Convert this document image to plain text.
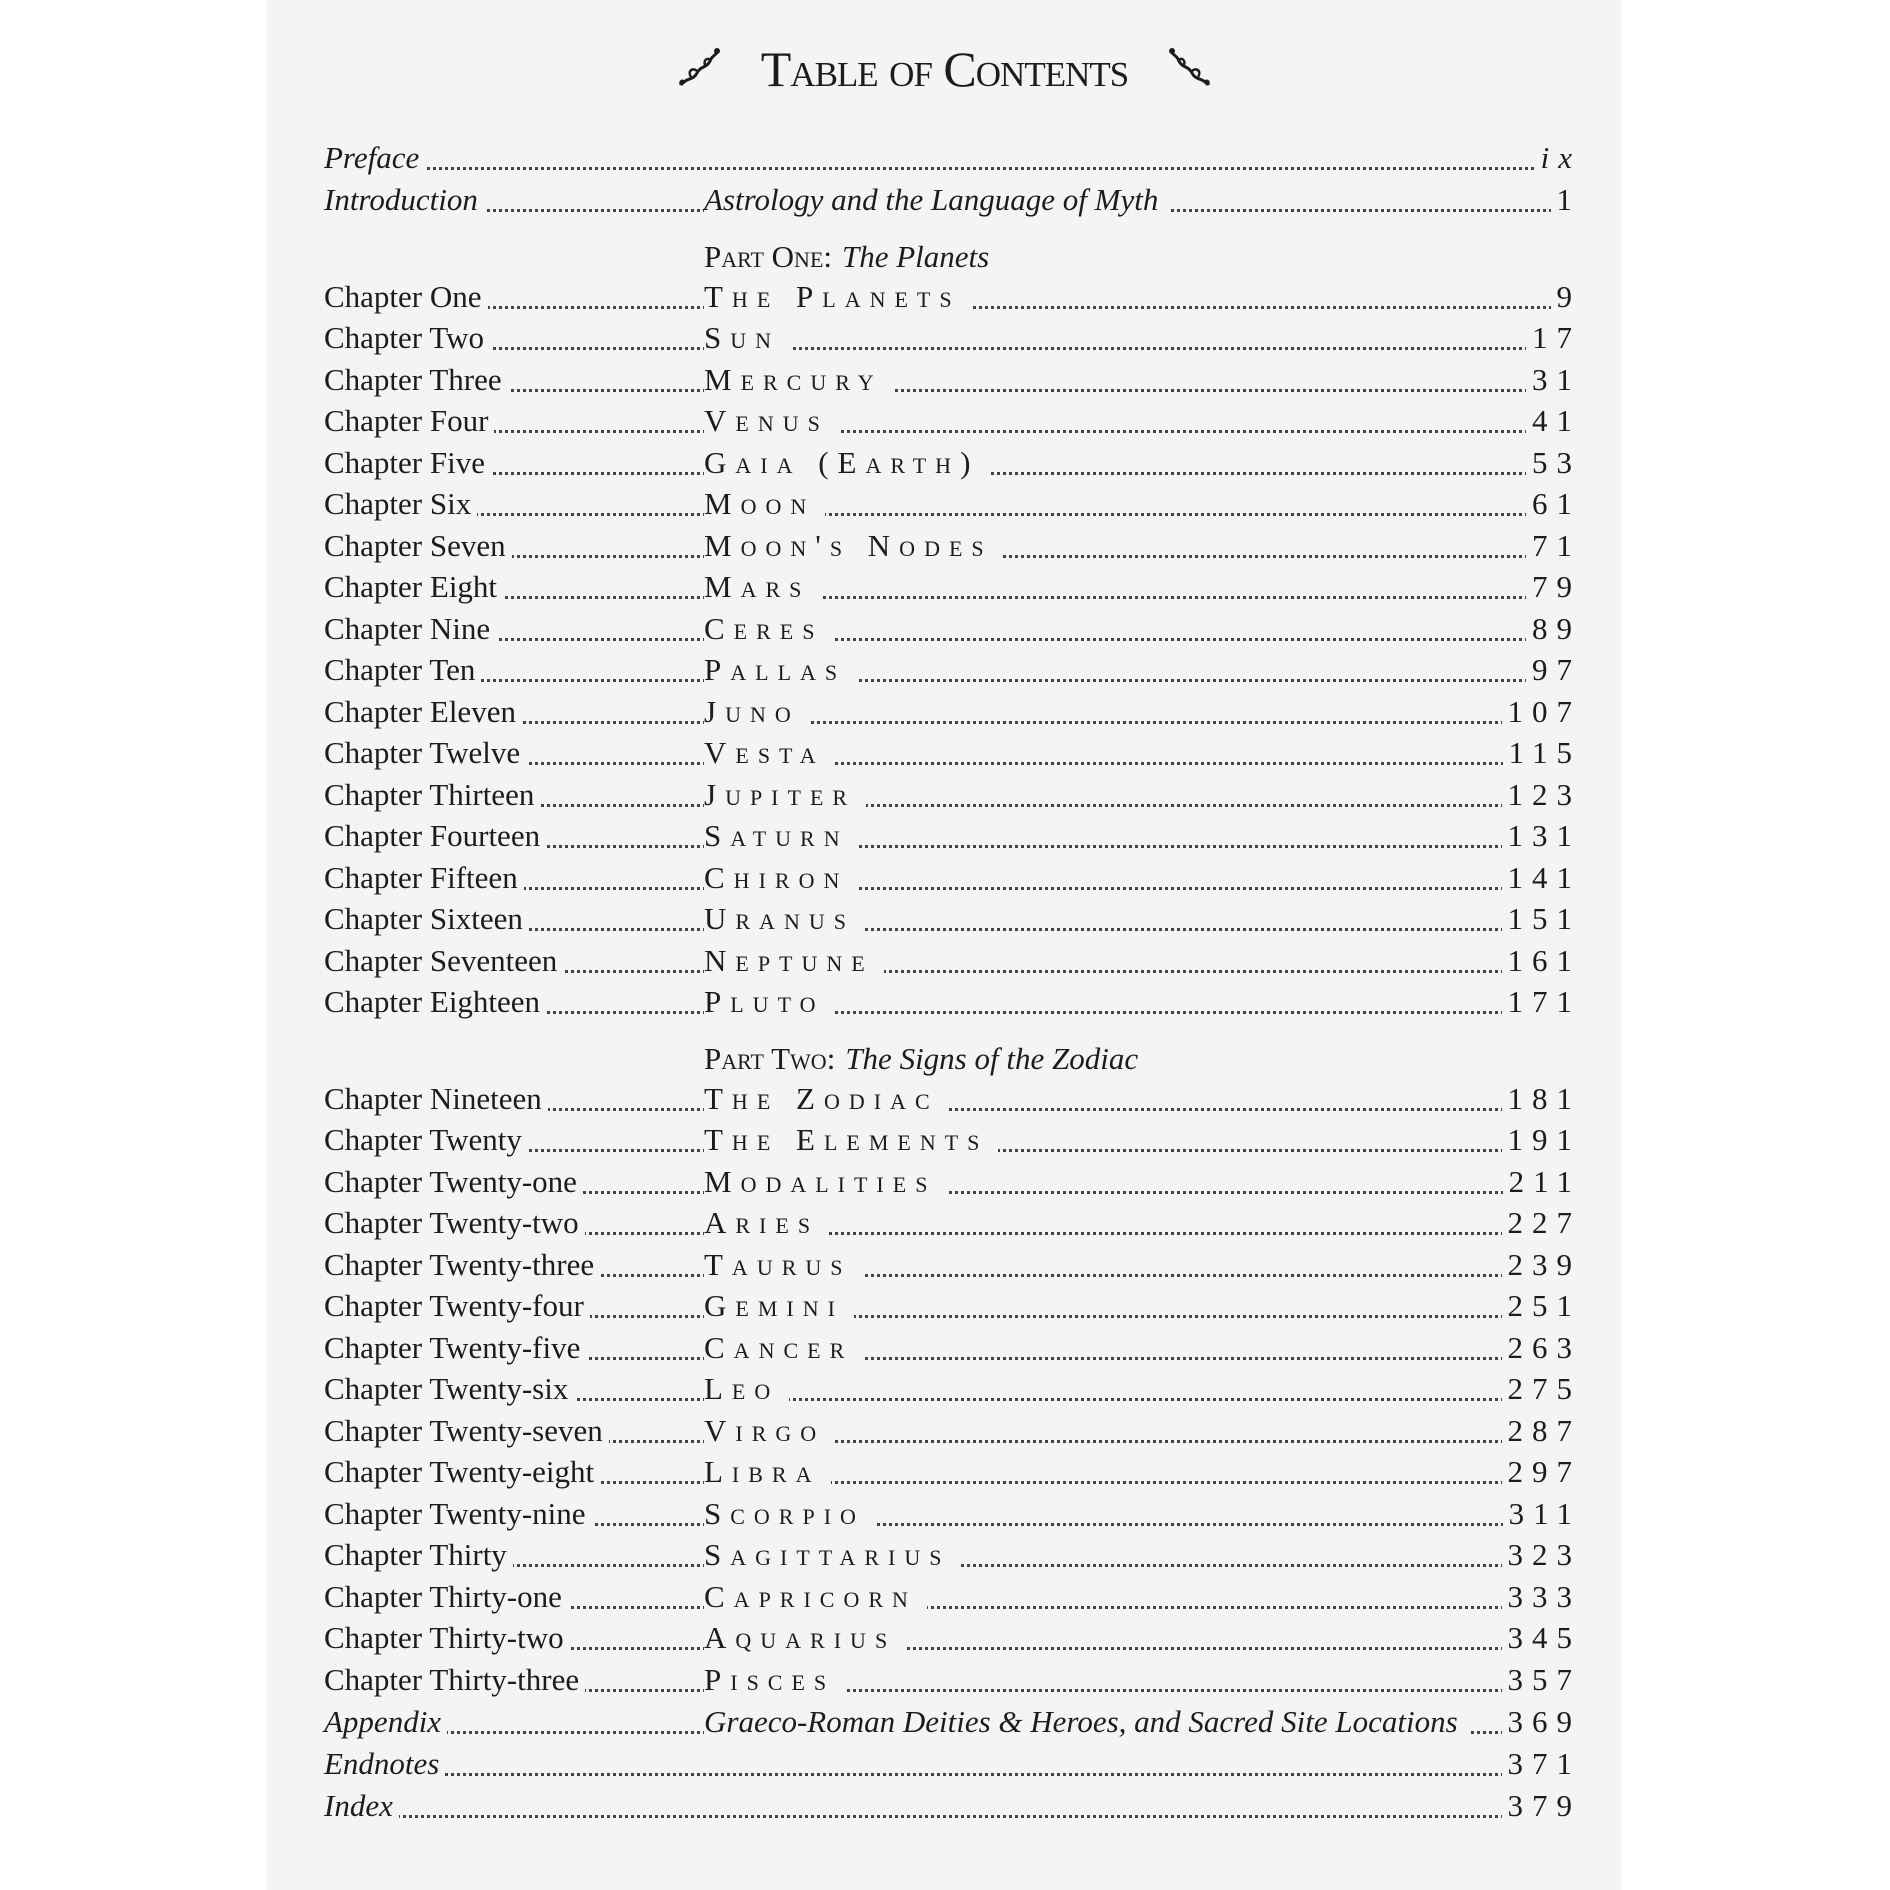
Table of Contents
Preface	ix
Introduction	Astrology and the Language of Myth	1
Part One: The Planets
Chapter One	The Planets	9
Chapter Two	Sun	17
Chapter Three	Mercury	31
Chapter Four	Venus	41
Chapter Five	Gaia (Earth)	53
Chapter Six	Moon	61
Chapter Seven	Moon's Nodes	71
Chapter Eight	Mars	79
Chapter Nine	Ceres	89
Chapter Ten	Pallas	97
Chapter Eleven	Juno	107
Chapter Twelve	Vesta	115
Chapter Thirteen	Jupiter	123
Chapter Fourteen	Saturn	131
Chapter Fifteen	Chiron	141
Chapter Sixteen	Uranus	151
Chapter Seventeen	Neptune	161
Chapter Eighteen	Pluto	171
Part Two: The Signs of the Zodiac
Chapter Nineteen	The Zodiac	181
Chapter Twenty	The Elements	191
Chapter Twenty-one	Modalities	211
Chapter Twenty-two	Aries	227
Chapter Twenty-three	Taurus	239
Chapter Twenty-four	Gemini	251
Chapter Twenty-five	Cancer	263
Chapter Twenty-six	Leo	275
Chapter Twenty-seven	Virgo	287
Chapter Twenty-eight	Libra	297
Chapter Twenty-nine	Scorpio	311
Chapter Thirty	Sagittarius	323
Chapter Thirty-one	Capricorn	333
Chapter Thirty-two	Aquarius	345
Chapter Thirty-three	Pisces	357
Appendix	Graeco-Roman Deities & Heroes, and Sacred Site Locations	369
Endnotes	371
Index	379
